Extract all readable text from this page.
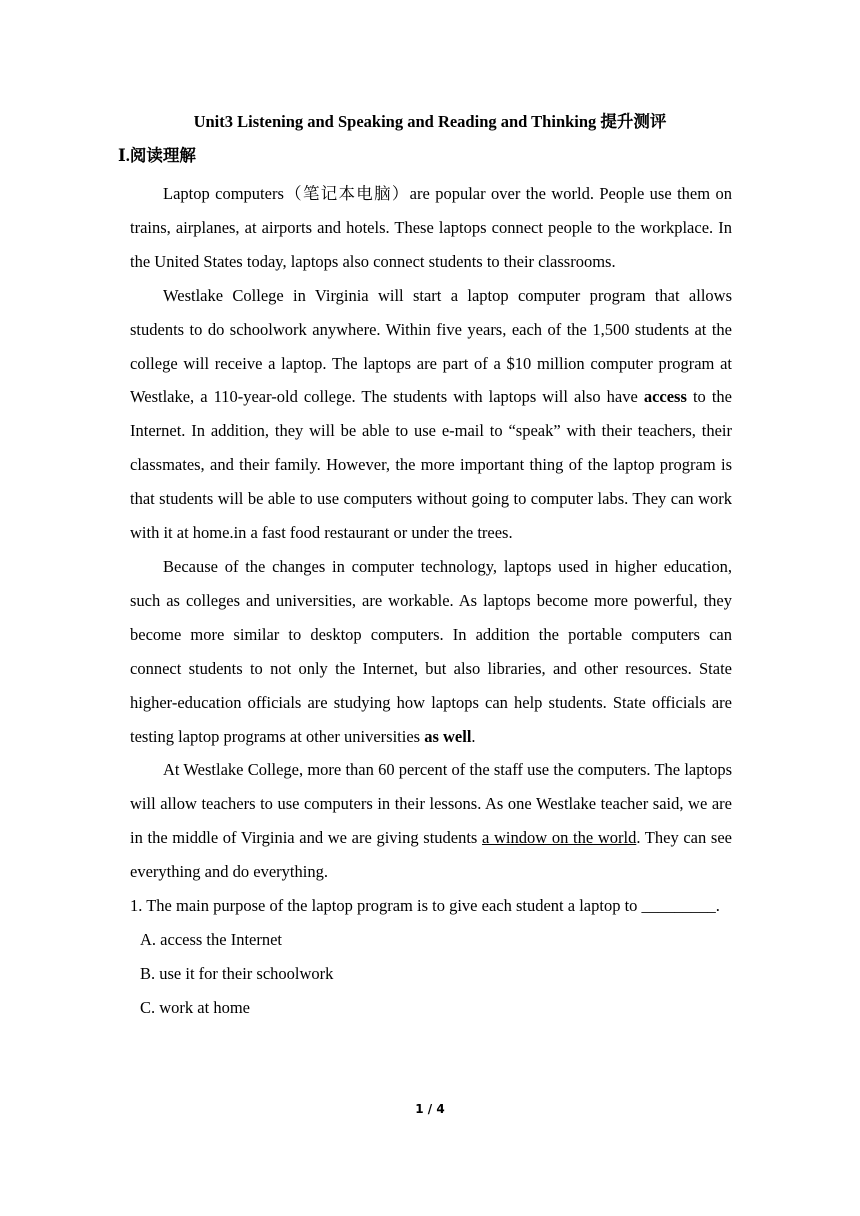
Unit3 Listening and Speaking and Reading and Thinking 提升测评
Ⅰ.阅读理解

Laptop computers（笔记本电脑）are popular over the world. People use them on trains, airplanes, at airports and hotels. These laptops connect people to the workplace. In the United States today, laptops also connect students to their classrooms.

Westlake College in Virginia will start a laptop computer program that allows students to do schoolwork anywhere. Within five years, each of the 1,500 students at the college will receive a laptop. The laptops are part of a $10 million computer program at Westlake, a 110-year-old college. The students with laptops will also have access to the Internet. In addition, they will be able to use e-mail to “speak” with their teachers, their classmates, and their family. However, the more important thing of the laptop program is that students will be able to use computers without going to computer labs. They can work with it at home.in a fast food restaurant or under the trees.

Because of the changes in computer technology, laptops used in higher education, such as colleges and universities, are workable. As laptops become more powerful, they become more similar to desktop computers. In addition the portable computers can connect students to not only the Internet, but also libraries, and other resources. State higher-education officials are studying how laptops can help students. State officials are testing laptop programs at other universities as well.

At Westlake College, more than 60 percent of the staff use the computers. The laptops will allow teachers to use computers in their lessons. As one Westlake teacher said, we are in the middle of Virginia and we are giving students a window on the world. They can see everything and do everything.

1. The main purpose of the laptop program is to give each student a laptop to _________.
A. access the Internet
B. use it for their schoolwork
C. work at home
1 / 4
